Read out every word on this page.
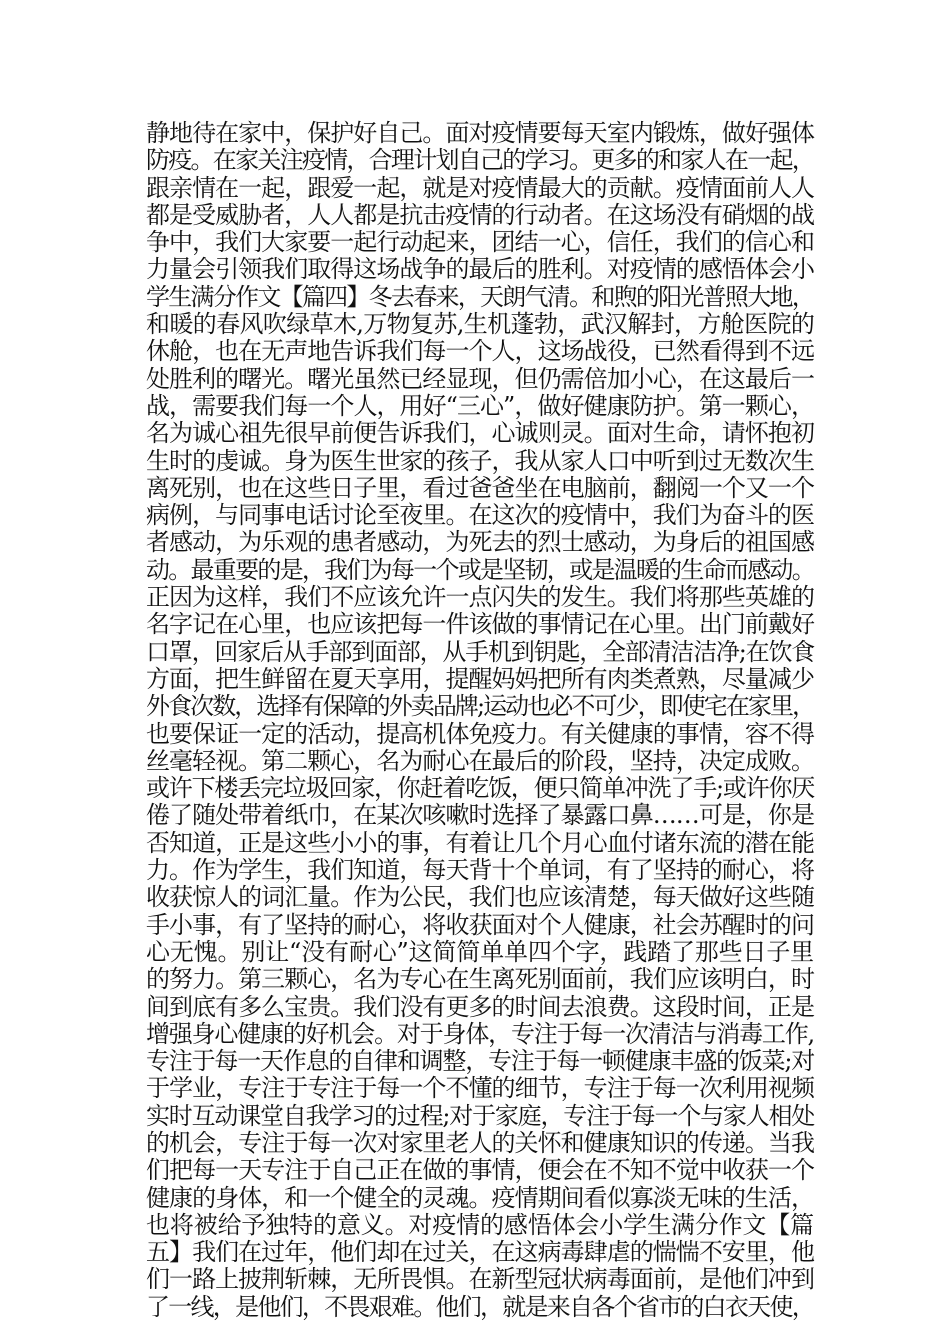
静地待在家中，保护好自己。面对疫情要每天室内锻炼，做好强体
防疫。在家关注疫情，合理计划自己的学习。更多的和家人在一起，
跟亲情在一起，跟爱一起，就是对疫情最大的贡献。疫情面前人人
都是受威胁者，人人都是抗击疫情的行动者。在这场没有硝烟的战
争中，我们大家要一起行动起来，团结一心，信任，我们的信心和
力量会引领我们取得这场战争的最后的胜利。对疫情的感悟体会小
学生满分作文【篇四】冬去春来，天朗气清。和煦的阳光普照大地，
和暖的春风吹绿草木,万物复苏,生机蓬勃，武汉解封，方舱医院的
休舱，也在无声地告诉我们每一个人，这场战役，已然看得到不远
处胜利的曙光。曙光虽然已经显现，但仍需倍加小心，在这最后一
战，需要我们每一个人，用好“三心”，做好健康防护。第一颗心，
名为诚心祖先很早前便告诉我们，心诚则灵。面对生命，请怀抱初
生时的虔诚。身为医生世家的孩子，我从家人口中听到过无数次生
离死别，也在这些日子里，看过爸爸坐在电脑前，翻阅一个又一个
病例，与同事电话讨论至夜里。在这次的疫情中，我们为奋斗的医
者感动，为乐观的患者感动，为死去的烈士感动，为身后的祖国感
动。最重要的是，我们为每一个或是坚韧，或是温暖的生命而感动。
正因为这样，我们不应该允许一点闪失的发生。我们将那些英雄的
名字记在心里，也应该把每一件该做的事情记在心里。出门前戴好
口罩，回家后从手部到面部，从手机到钥匙，全部清洁洁净;在饮食
方面，把生鲜留在夏天享用，提醒妈妈把所有肉类煮熟，尽量减少
外食次数，选择有保障的外卖品牌;运动也必不可少，即使宅在家里，
也要保证一定的活动，提高机体免疫力。有关健康的事情，容不得
丝毫轻视。第二颗心，名为耐心在最后的阶段，坚持，决定成败。
或许下楼丢完垃圾回家，你赶着吃饭，便只简单冲洗了手;或许你厌
倦了随处带着纸巾，在某次咳嗽时选择了暴露口鼻……可是，你是
否知道，正是这些小小的事，有着让几个月心血付诸东流的潜在能
力。作为学生，我们知道，每天背十个单词，有了坚持的耐心，将
收获惊人的词汇量。作为公民，我们也应该清楚，每天做好这些随
手小事，有了坚持的耐心，将收获面对个人健康，社会苏醒时的问
心无愧。别让“没有耐心”这简简单单四个字，践踏了那些日子里
的努力。第三颗心，名为专心在生离死别面前，我们应该明白，时
间到底有多么宝贵。我们没有更多的时间去浪费。这段时间，正是
增强身心健康的好机会。对于身体，专注于每一次清洁与消毒工作,
专注于每一天作息的自律和调整，专注于每一顿健康丰盛的饭菜;对
于学业，专注于专注于每一个不懂的细节，专注于每一次利用视频
实时互动课堂自我学习的过程;对于家庭，专注于每一个与家人相处
的机会，专注于每一次对家里老人的关怀和健康知识的传递。当我
们把每一天专注于自己正在做的事情，便会在不知不觉中收获一个
健康的身体，和一个健全的灵魂。疫情期间看似寡淡无味的生活，
也将被给予独特的意义。对疫情的感悟体会小学生满分作文【篇
五】我们在过年，他们却在过关，在这病毒肆虐的惴惴不安里，他
们一路上披荆斩棘，无所畏惧。在新型冠状病毒面前，是他们冲到
了一线，是他们，不畏艰难。他们，就是来自各个省市的白衣天使，
